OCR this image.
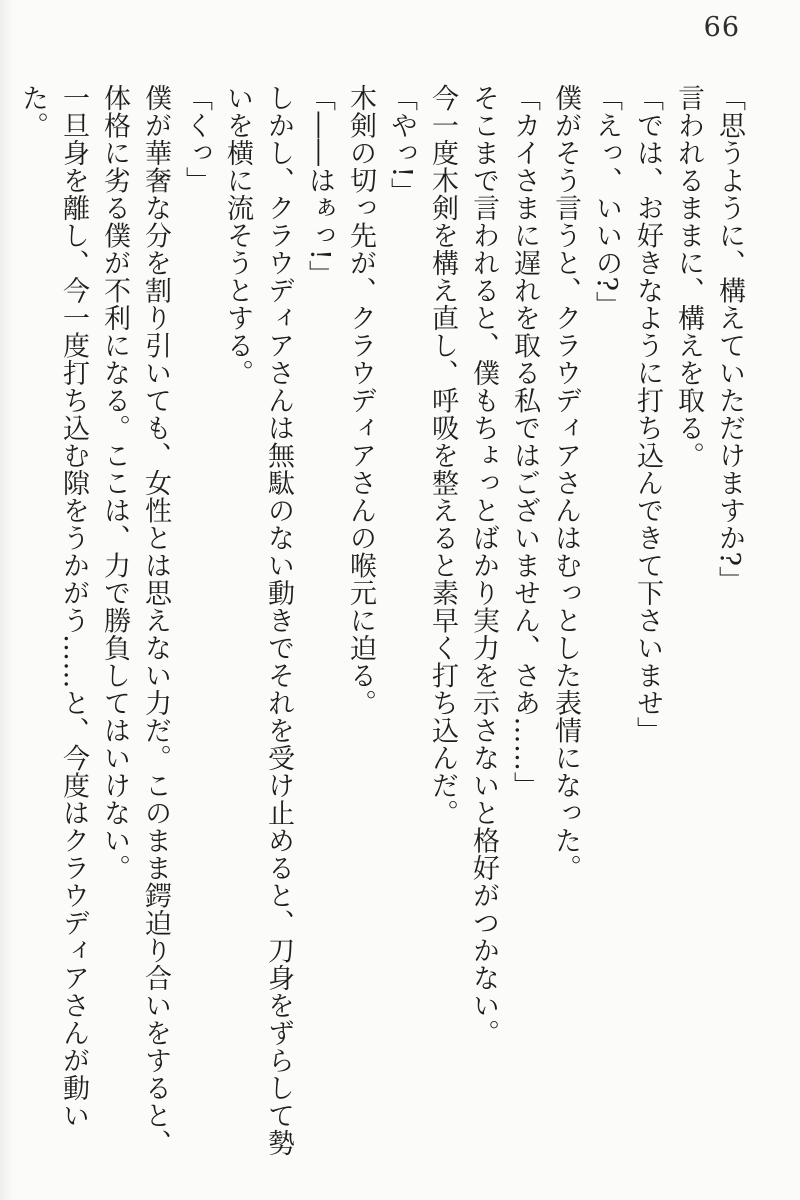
66

「思うように、構えていただけますか?」

言われるままに、構えを取る。

「では、お好きなように打ち込んできて下さいませ」

「えっ、いいの?」

僕がそう言うと、クラウディアさんはむっとした表情になった。

「カイさまに遅れを取る私ではございません、さあ……」

そこまで言われると、僕もちょっとばかり実力を示さないと格好がつかない。

今一度木剣を構え直し、呼吸を整えると素早く打ち込んだ。

「やっ!」

木剣の切っ先が、クラウディアさんの喉元に迫る。

「――はぁっ!」

しかし、クラウディアさんは無駄のない動きでそれを受け止めると、刀身をずらして勢いを横に流そうとする。

「くっ」

僕が華奢な分を割り引いても、女性とは思えない力だ。このまま鍔迫り合いをすると、体格に劣る僕が不利になる。ここは、力で勝負してはいけない。

一旦身を離し、今一度打ち込む隙をうかがう……と、今度はクラウディアさんが動いた。
